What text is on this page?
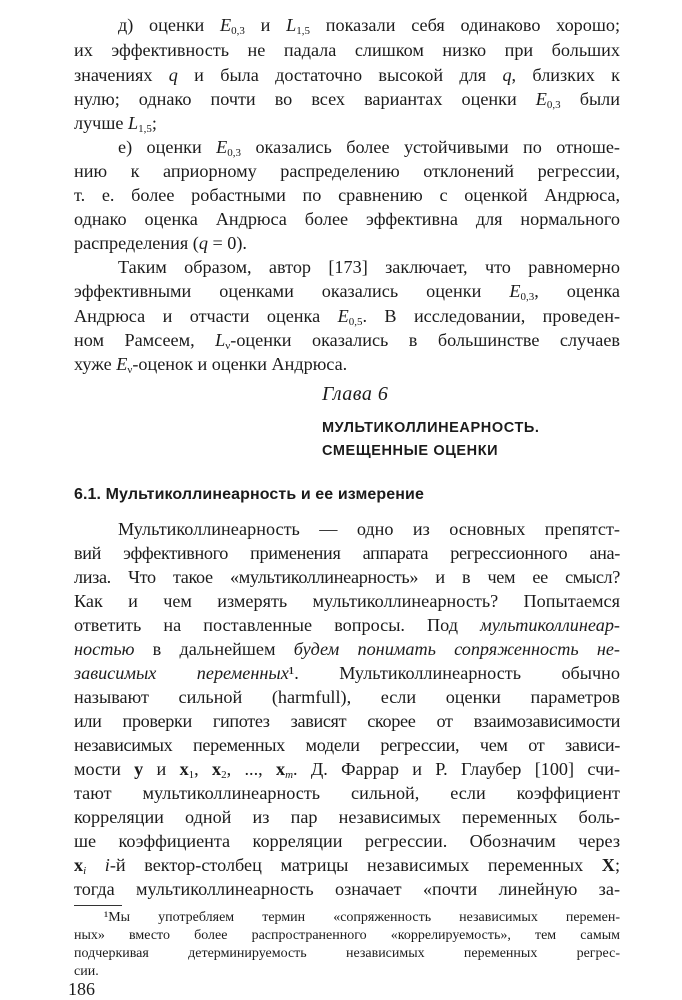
д) оценки $E_{0,3}$ и $L_{1,5}$ показали себя одинаково хорошо;

их эффективность не падала слишком низко при больших

значениях q и была достаточно высокой для q, близких к

нулю; однако почти во всех вариантах оценки $E_{0,3}$ были

лучше $L_{1,5}$;

е) оценки $E_{0,3}$ оказались более устойчивыми по отноше-

нию к априорному распределению отклонений регрессии,

т. е. более робастными по сравнению с оценкой Андрюса,

однако оценка Андрюса более эффективна для нормального

распределения (q = 0).

Таким образом, автор [173] заключает, что равномерно

эффективными оценками оказались оценки $E_{0,3}$, оценка

Андрюса и отчасти оценка $E_{0,5}$. В исследовании, проведен-

ном Рамсеем, $L_\nu$-оценки оказались в большинстве случаев

хуже $E_\nu$-оценок и оценки Андрюса.

Глава 6
МУЛЬТИКОЛЛИНЕАРНОСТЬ.
СМЕЩЕННЫЕ ОЦЕНКИ
6.1. Мультиколлинеарность и ее измерение

Мультиколлинеарность — одно из основных препятст-

вий эффективного применения аппарата регрессионного ана-

лиза. Что такое «мультиколлинеарность» и в чем ее смысл?

Как и чем измерять мультиколлинеарность? Попытаемся

ответить на поставленные вопросы. Под мультиколлинеар-

ностью в дальнейшем будем понимать сопряженность не-

зависимых переменных¹. Мультиколлинеарность обычно

называют сильной (harmfull), если оценки параметров

или проверки гипотез зависят скорее от взаимозависимости

независимых переменных модели регрессии, чем от зависи-

мости y и $x_1$, $x_2$, ..., $x_m$. Д. Фаррар и Р. Глаубер [100] счи-

тают мультиколлинеарность сильной, если коэффициент

корреляции одной из пар независимых переменных боль-

ше коэффициента корреляции регрессии. Обозначим через

$x_i$ i-й вектор-столбец матрицы независимых переменных X;

тогда мультиколлинеарность означает «почти линейную за-

¹Мы употребляем термин «сопряженность независимых перемен-

ных» вместо более распространенного «коррелируемость», тем самым

подчеркивая детерминируемость независимых переменных регрес-

сии.

186
